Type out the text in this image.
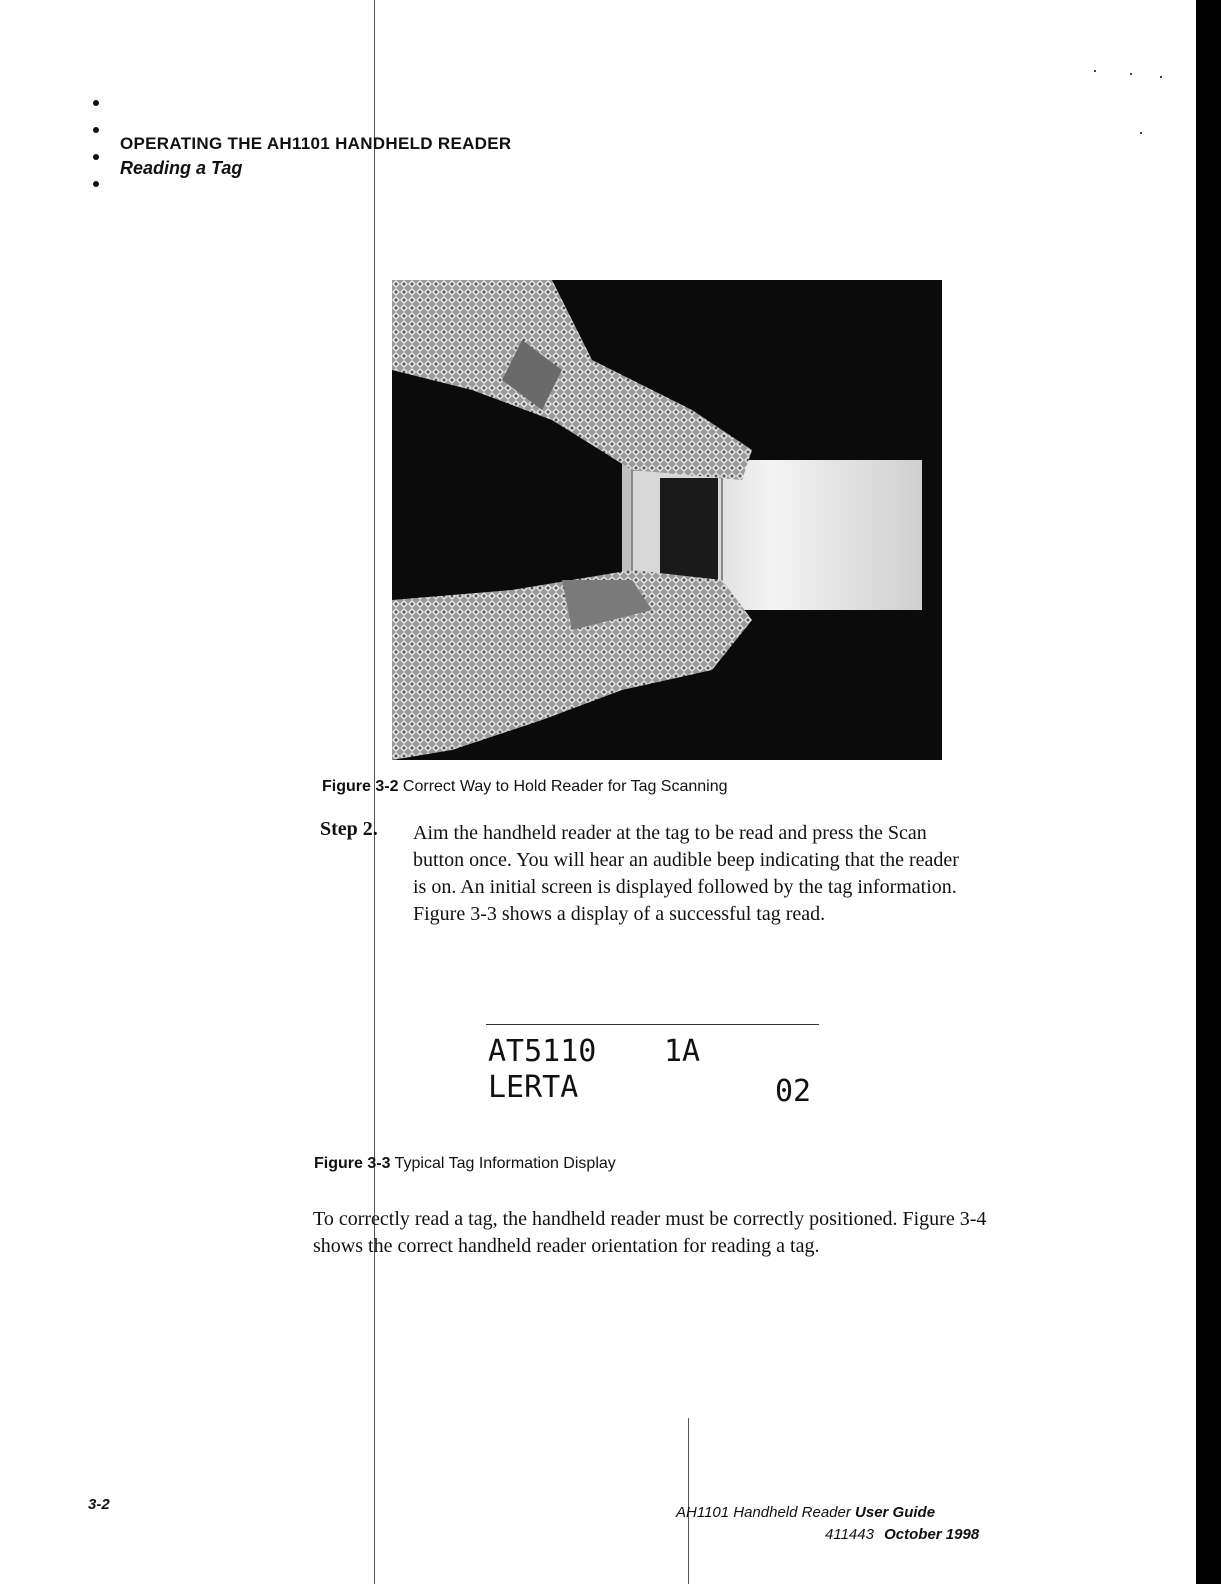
OPERATING THE AH1101 HANDHELD READER
Reading a Tag
Figure 3-2 Correct Way to Hold Reader for Tag Scanning
Step 2. Aim the handheld reader at the tag to be read and press the Scan button once. You will hear an audible beep indicating that the reader is on. An initial screen is displayed followed by the tag information. Figure 3-3 shows a display of a successful tag read.
AT5110 1A
LERTA	02
Figure 3-3 Typical Tag Information Display
To correctly read a tag, the handheld reader must be correctly positioned. Figure 3-4 shows the correct handheld reader orientation for reading a tag.
3-2	AH1101 Handheld Reader User Guide
411443 October 1998
